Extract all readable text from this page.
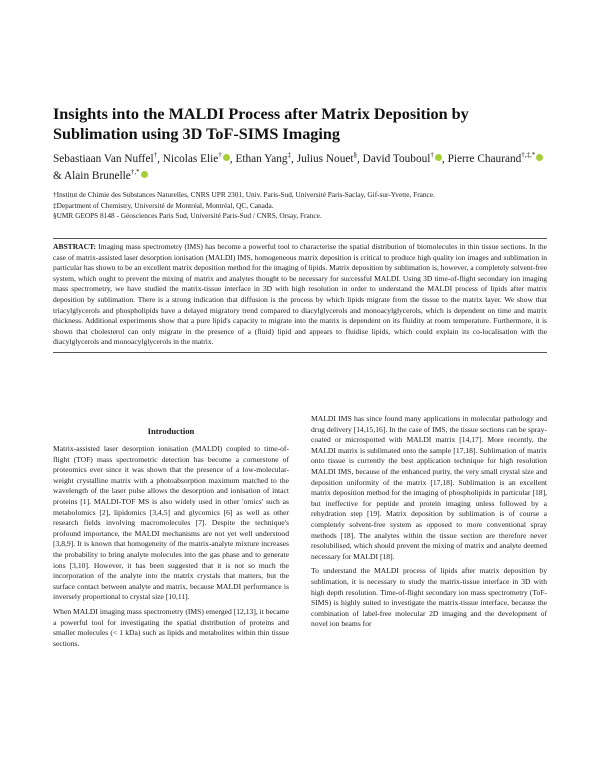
Insights into the MALDI Process after Matrix Deposition by Sublimation using 3D ToF-SIMS Imaging

Sebastiaan Van Nuffel†, Nicolas Elie† , Ethan Yang‡, Julius Nouet§, David Touboul† , Pierre Chaurand†,‡,* & Alain Brunelle†,*

†Institut de Chimie des Substances Naturelles, CNRS UPR 2301, Univ. Paris-Sud, Université Paris-Saclay, Gif-sur-Yvette, France.

‡Department of Chemistry, Université de Montréal, Montréal, QC, Canada.

§UMR GEOPS 8148 - Géosciences Paris Sud, Université Paris-Sud / CNRS, Orsay, France.

ABSTRACT: Imaging mass spectrometry (IMS) has become a powerful tool to characterise the spatial distribution of biomolecules in thin tissue sections. In the case of matrix-assisted laser desorption ionisation (MALDI) IMS, homogeneous matrix deposition is critical to produce high quality ion images and sublimation in particular has shown to be an excellent matrix deposition method for the imaging of lipids. Matrix deposition by sublimation is, however, a completely solvent-free system, which ought to prevent the mixing of matrix and analytes thought to be necessary for successful MALDI. Using 3D time-of-flight secondary ion imaging mass spectrometry, we have studied the matrix-tissue interface in 3D with high resolution in order to understand the MALDI process of lipids after matrix deposition by sublimation. There is a strong indication that diffusion is the process by which lipids migrate from the tissue to the matrix layer. We show that triacylglycerols and phospholipids have a delayed migratory trend compared to diacylglycerols and monoacylglycerols, which is dependent on time and matrix thickness. Additional experiments show that a pure lipid's capacity to migrate into the matrix is dependent on its fluidity at room temperature. Furthermore, it is shown that cholesterol can only migrate in the presence of a (fluid) lipid and appears to fluidise lipids, which could explain its co-localisation with the diacylglycerols and monoacylglycerols in the matrix.

Introduction

Matrix-assisted laser desorption ionisation (MALDI) coupled to time-of-flight (TOF) mass spectrometric detection has become a cornerstone of proteomics ever since it was shown that the presence of a low-molecular-weight crystalline matrix with a photoabsorption maximum matched to the wavelength of the laser pulse allows the desorption and ionisation of intact proteins [1]. MALDI-TOF MS is also widely used in other 'omics' such as metabolomics [2], lipidomics [3,4,5] and glycomics [6] as well as other research fields involving macromolecules [7]. Despite the technique's profound importance, the MALDI mechanisms are not yet well understood [3,8,9]. It is known that homogeneity of the matrix-analyte mixture increases the probability to bring analyte molecules into the gas phase and to generate ions [3,10]. However, it has been suggested that it is not so much the incorporation of the analyte into the matrix crystals that matters, but the surface contact between analyte and matrix, because MALDI performance is inversely proportional to crystal size [10,11].

When MALDI imaging mass spectrometry (IMS) emerged [12,13], it became a powerful tool for investigating the spatial distribution of proteins and smaller molecules (< 1 kDa) such as lipids and metabolites within thin tissue sections.

MALDI IMS has since found many applications in molecular pathology and drug delivery [14,15,16]. In the case of IMS, the tissue sections can be spray-coated or microspotted with MALDI matrix [14,17]. More recently, the MALDI matrix is sublimated onto the sample [17,18]. Sublimation of matrix onto tissue is currently the best application technique for high resolution MALDI IMS, because of the enhanced purity, the very small crystal size and deposition uniformity of the matrix [17,18]. Sublimation is an excellent matrix deposition method for the imaging of phospholipids in particular [18], but ineffective for peptide and protein imaging unless followed by a rehydration step [19]. Matrix deposition by sublimation is of course a completely solvent-free system as opposed to more conventional spray methods [18]. The analytes within the tissue section are therefore never resolubilised, which should prevent the mixing of matrix and analyte deemed necessary for MALDI [18].

To understand the MALDI process of lipids after matrix deposition by sublimation, it is necessary to study the matrix-tissue interface in 3D with high depth resolution. Time-of-flight secondary ion mass spectrometry (ToF-SIMS) is highly suited to investigate the matrix-tissue interface, because the combination of label-free molecular 2D imaging and the development of novel ion beams for
